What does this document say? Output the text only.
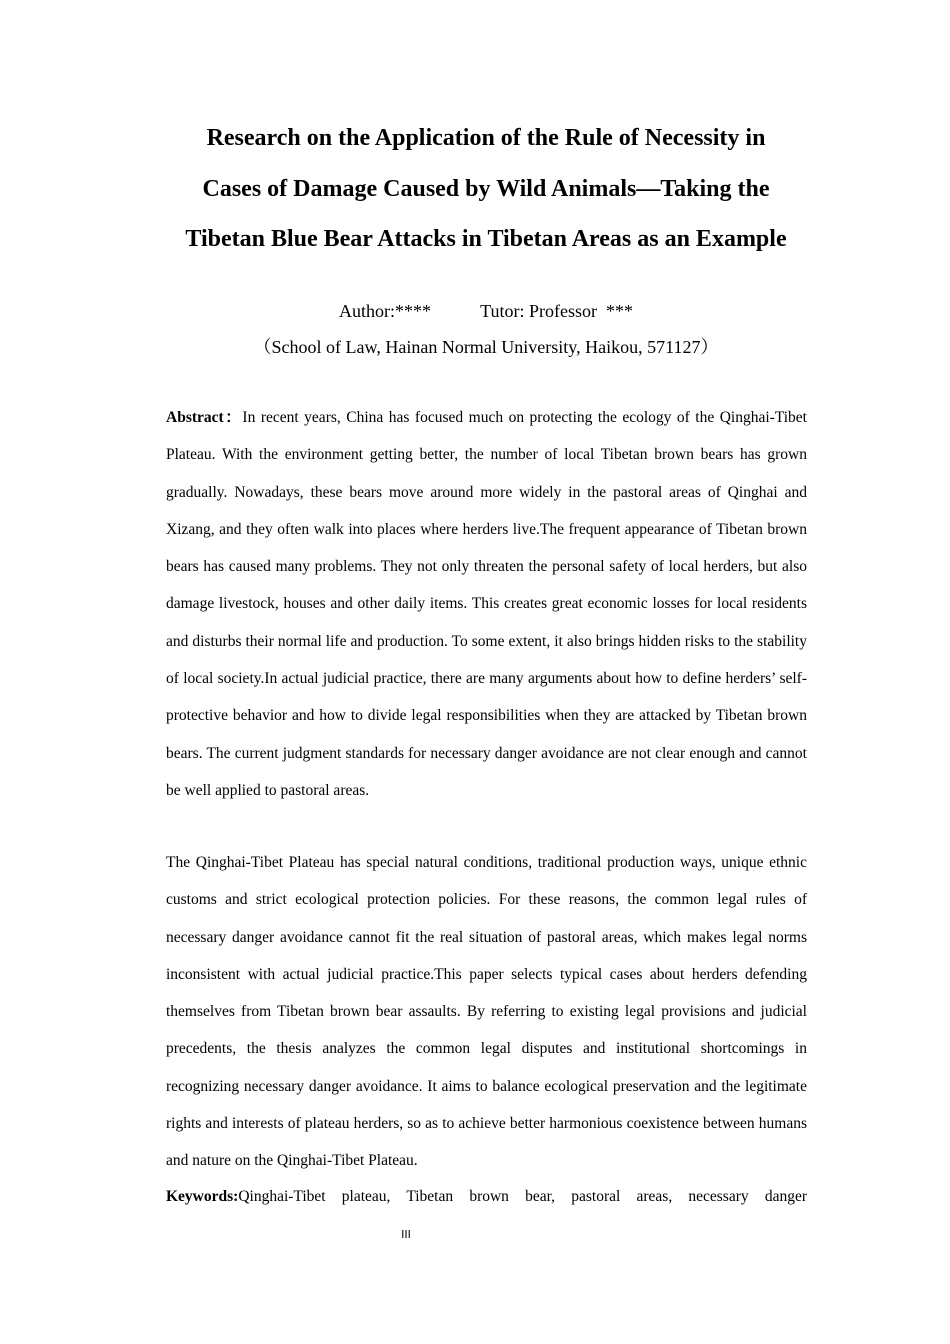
Research on the Application of the Rule of Necessity in
Cases of Damage Caused by Wild Animals—Taking the
Tibetan Blue Bear Attacks in Tibetan Areas as an Example
Author:****           Tutor: Professor  ***
（School of Law, Hainan Normal University, Haikou, 571127）

Abstract：In recent years, China has focused much on protecting the ecology of the Qinghai-Tibet Plateau. With the environment getting better, the number of local Tibetan brown bears has grown gradually. Nowadays, these bears move around more widely in the pastoral areas of Qinghai and Xizang, and they often walk into places where herders live.The frequent appearance of Tibetan brown bears has caused many problems. They not only threaten the personal safety of local herders, but also damage livestock, houses and other daily items. This creates great economic losses for local residents and disturbs their normal life and production. To some extent, it also brings hidden risks to the stability of local society.In actual judicial practice, there are many arguments about how to define herders’ self-protective behavior and how to divide legal responsibilities when they are attacked by Tibetan brown bears. The current judgment standards for necessary danger avoidance are not clear enough and cannot be well applied to pastoral areas.

The Qinghai-Tibet Plateau has special natural conditions, traditional production ways, unique ethnic customs and strict ecological protection policies. For these reasons, the common legal rules of necessary danger avoidance cannot fit the real situation of pastoral areas, which makes legal norms inconsistent with actual judicial practice.This paper selects typical cases about herders defending themselves from Tibetan brown bear assaults. By referring to existing legal provisions and judicial precedents, the thesis analyzes the common legal disputes and institutional shortcomings in recognizing necessary danger avoidance. It aims to balance ecological preservation and the legitimate rights and interests of plateau herders, so as to achieve better harmonious coexistence between humans and nature on the Qinghai-Tibet Plateau.

Keywords:Qinghai-Tibet plateau, Tibetan brown bear, pastoral areas, necessary danger
III
